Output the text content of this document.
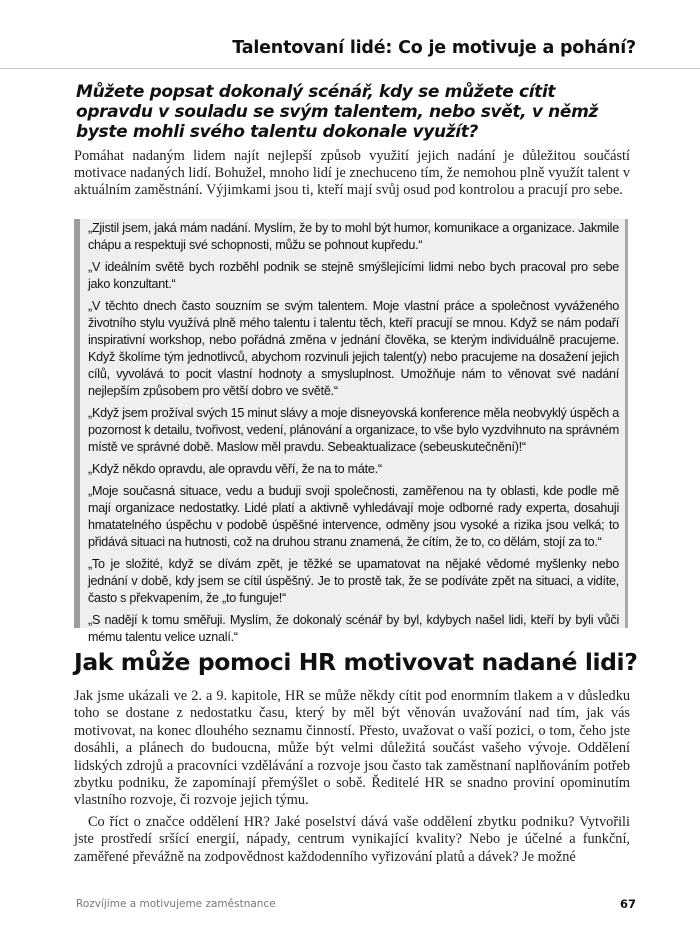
Talentovaní lidé: Co je motivuje a pohání?
Můžete popsat dokonalý scénář, kdy se můžete cítit opravdu v souladu se svým talentem, nebo svět, v němž byste mohli svého talentu dokonale využít?
Pomáhat nadaným lidem najít nejlepší způsob využití jejich nadání je důležitou součástí motivace nadaných lidí. Bohužel, mnoho lidí je znechuceno tím, že nemohou plně využít talent v aktuálním zaměstnání. Výjimkami jsou ti, kteří mají svůj osud pod kontrolou a pracují pro sebe.

„Zjistil jsem, jaká mám nadání. Myslím, že by to mohl být humor, komunikace a organizace. Jakmile chápu a respektuji své schopnosti, můžu se pohnout kupředu.“

„V ideálním světě bych rozběhl podnik se stejně smýšlejícími lidmi nebo bych pracoval pro sebe jako konzultant.“

„V těchto dnech často souzním se svým talentem. Moje vlastní práce a společnost vyváženého životního stylu využívá plně mého talentu i talentu těch, kteří pracují se mnou. Když se nám podaří inspirativní workshop, nebo pořádná změna v jednání člověka, se kterým individuálně pracujeme. Když školíme tým jednotlivců, abychom rozvinuli jejich talent(y) nebo pracujeme na dosažení jejich cílů, vyvolává to pocit vlastní hodnoty a smysluplnost. Umožňuje nám to věnovat své nadání nejlepším způsobem pro větší dobro ve světě.“

„Když jsem prožíval svých 15 minut slávy a moje disneyovská konference měla neobvyklý úspěch a pozornost k detailu, tvořivost, vedení, plánování a organizace, to vše bylo vyzdvihnuto na správném místě ve správné době. Maslow měl pravdu. Sebeaktualizace (sebeuskutečnění)!“

„Když někdo opravdu, ale opravdu věří, že na to máte.“

„Moje současná situace, vedu a buduji svoji společnosti, zaměřenou na ty oblasti, kde podle mě mají organizace nedostatky. Lidé platí a aktivně vyhledávají moje odborné rady experta, dosahuji hmatatelného úspěchu v podobě úspěšné intervence, odměny jsou vysoké a rizika jsou velká; to přidává situaci na hutnosti, což na druhou stranu znamená, že cítím, že to, co dělám, stojí za to.“

„To je složité, když se dívám zpět, je těžké se upamatovat na nějaké vědomé myšlenky nebo jednání v době, kdy jsem se cítil úspěšný. Je to prostě tak, že se podíváte zpět na situaci, a vidíte, často s překvapením, že „to funguje!“

„S nadějí k tomu směřuji. Myslím, že dokonalý scénář by byl, kdybych našel lidi, kteří by byli vůči mému talentu velice uznalí.“

Jak může pomoci HR motivovat nadané lidi?

Jak jsme ukázali ve 2. a 9. kapitole, HR se může někdy cítit pod enormním tlakem a v důsledku toho se dostane z nedostatku času, který by měl být věnován uvažování nad tím, jak vás motivovat, na konec dlouhého seznamu činností. Přesto, uvažovat o vaší pozici, o tom, čeho jste dosáhli, a plánech do budoucna, může být velmi důležitá součást vašeho vývoje. Oddělení lidských zdrojů a pracovníci vzdělávání a rozvoje jsou často tak zaměstnaní naplňováním potřeb zbytku podniku, že zapomínají přemýšlet o sobě. Ředitelé HR se snadno proviní opominutím vlastního rozvoje, či rozvoje jejich týmu.

Co říct o značce oddělení HR? Jaké poselství dává vaše oddělení zbytku podniku? Vytvořili jste prostředí sršící energií, nápady, centrum vynikající kvality? Nebo je účelné a funkční, zaměřené převážně na zodpovědnost každodenního vyřizování platů a dávek? Je možné

Rozvíjíme a motivujeme zaměstnance	67
